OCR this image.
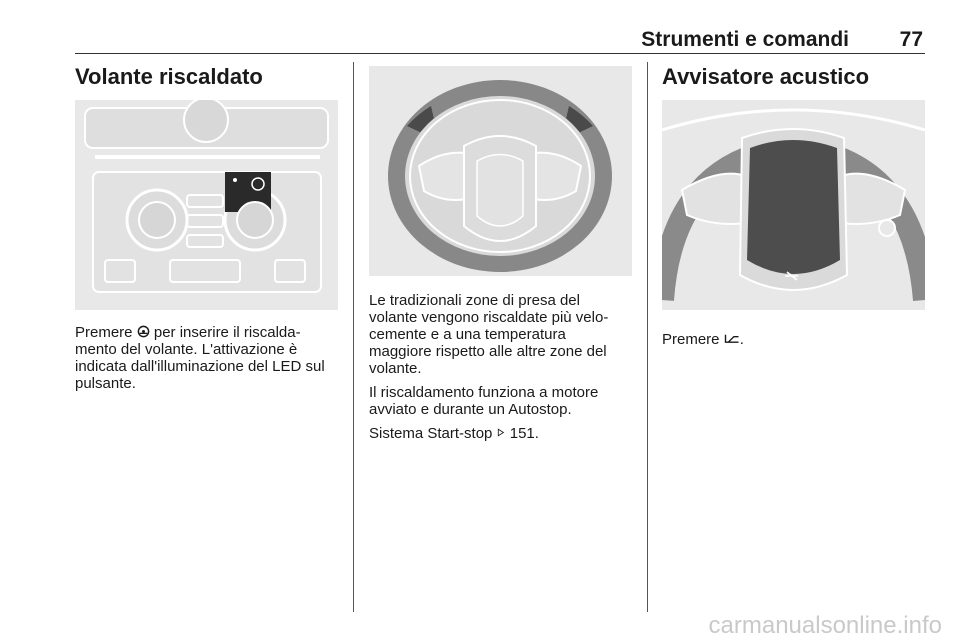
Strumenti e comandi 77
Volante riscaldato
Premere per inserire il riscalda-
mento del volante. L'attivazione è
indicata dall'illuminazione del LED sul
pulsante.

Le tradizionali zone di presa del
volante vengono riscaldate più velo-
cemente e a una temperatura
maggiore rispetto alle altre zone del
volante.

Il riscaldamento funziona a motore
avviato e durante un Autostop.

Sistema Start-stop 151.

Avvisatore acustico
Premere .
carmanualsonline.info
